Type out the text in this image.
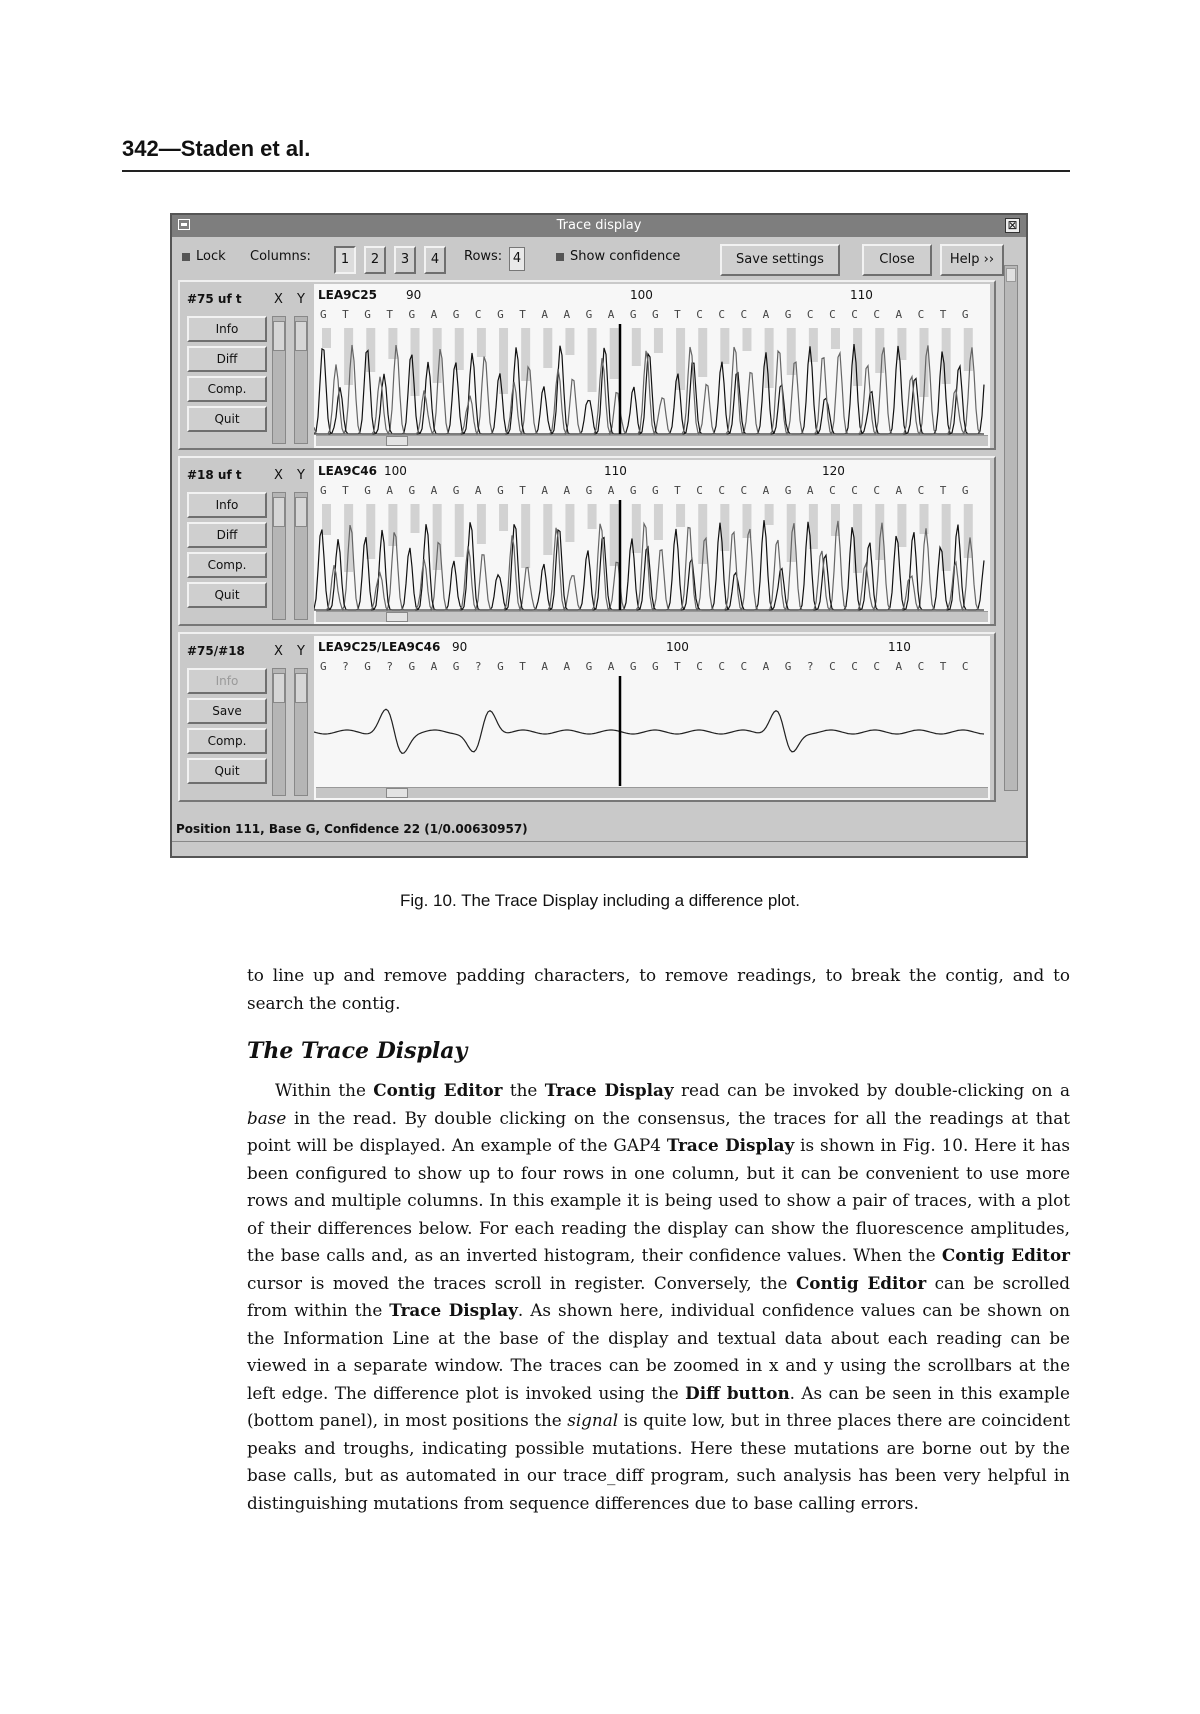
342—Staden et al.
Trace display	⊠
Lock Columns:	1	2	3	4	Rows: 4	Show confidence	Save settings	Close	Help ››
#75 uf t X Y
Info
Diff
Comp.
Quit
LEA9C25 90	100	110
G T G T G A G C G T A A G A G G T C C C A G C C C C A C T G
#18 uf t X Y
Info
Diff
Comp.
Quit
LEA9C46 100	110	120
G T G A G A G A G T A A G A G G T C C C A G A C C C A C T G
#75/#18 X Y
Info
Save
Comp.
Quit
LEA9C25/LEA9C46 90	100	110
G ? G ? G A G ? G T A A G A G G T C C C A G ? C C C A C T C
Position 111, Base G, Confidence 22 (1/0.00630957)
Fig. 10. The Trace Display including a difference plot.
to line up and remove padding characters, to remove readings, to break the contig, and to search the contig.
The Trace Display
Within the Contig Editor the Trace Display read can be invoked by double-clicking on a base in the read. By double clicking on the consensus, the traces for all the readings at that point will be displayed. An example of the GAP4 Trace Display is shown in Fig. 10. Here it has been configured to show up to four rows in one column, but it can be convenient to use more rows and multiple columns. In this example it is being used to show a pair of traces, with a plot of their differences below. For each reading the display can show the fluorescence amplitudes, the base calls and, as an inverted histogram, their confidence values. When the Contig Editor cursor is moved the traces scroll in register. Conversely, the Contig Editor can be scrolled from within the Trace Display. As shown here, individual confidence values can be shown on the Information Line at the base of the display and textual data about each reading can be viewed in a separate window. The traces can be zoomed in x and y using the scrollbars at the left edge. The difference plot is invoked using the Diff button. As can be seen in this example (bottom panel), in most positions the signal is quite low, but in three places there are coincident peaks and troughs, indicating possible mutations. Here these mutations are borne out by the base calls, but as automated in our trace_diff program, such analysis has been very helpful in distinguishing mutations from sequence differences due to base calling errors.
